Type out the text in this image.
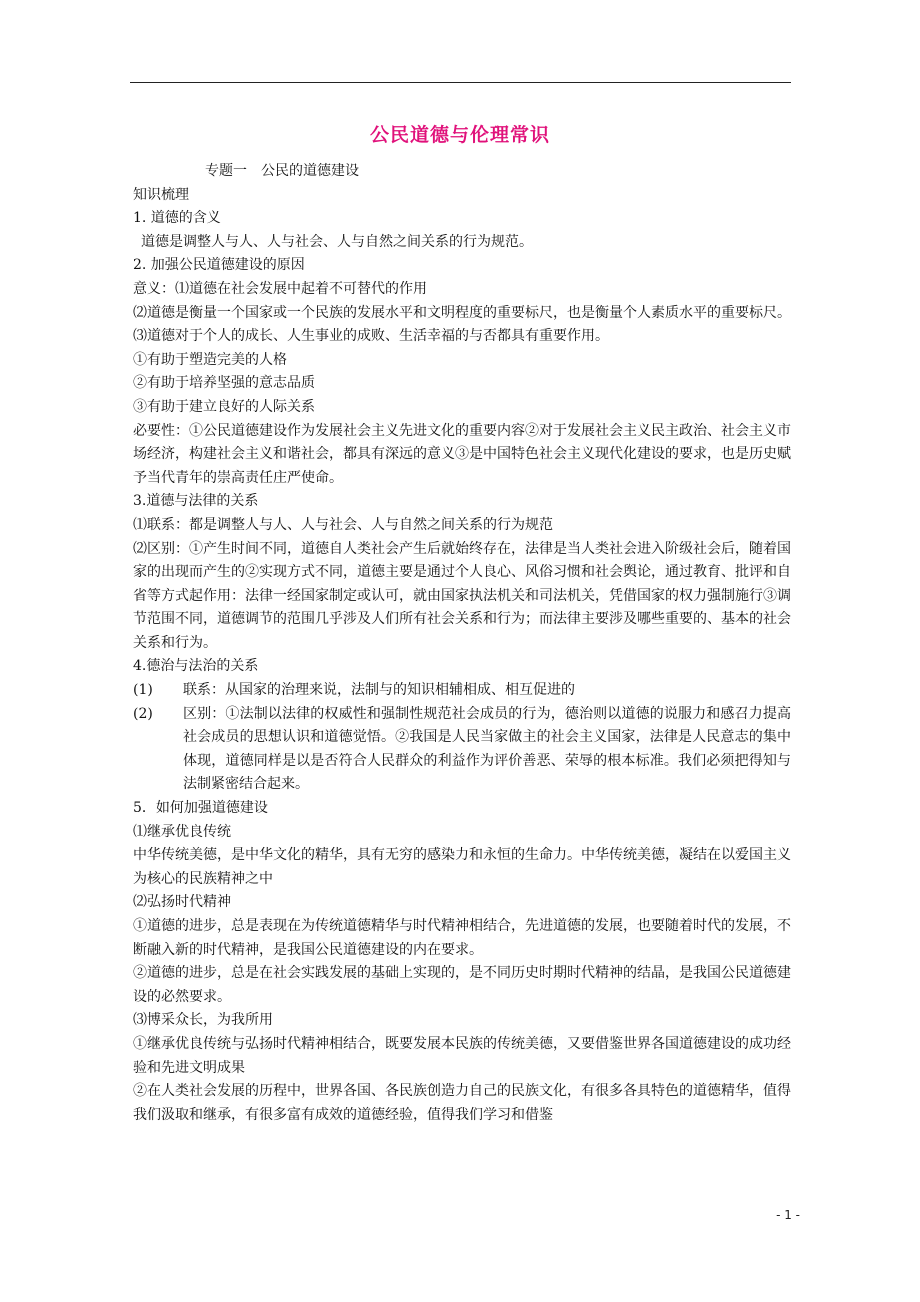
公民道德与伦理常识

专题一　公民的道德建设

知识梳理

1. 道德的含义

道德是调整人与人、人与社会、人与自然之间关系的行为规范。

2. 加强公民道德建设的原因

意义：⑴道德在社会发展中起着不可替代的作用

⑵道德是衡量一个国家或一个民族的发展水平和文明程度的重要标尺，也是衡量个人素质水平的重要标尺。

⑶道德对于个人的成长、人生事业的成败、生活幸福的与否都具有重要作用。

①有助于塑造完美的人格

②有助于培养坚强的意志品质

③有助于建立良好的人际关系

必要性：①公民道德建设作为发展社会主义先进文化的重要内容②对于发展社会主义民主政治、社会主义市场经济，构建社会主义和谐社会，都具有深远的意义③是中国特色社会主义现代化建设的要求，也是历史赋予当代青年的崇高责任庄严使命。

3.道德与法律的关系

⑴联系：都是调整人与人、人与社会、人与自然之间关系的行为规范

⑵区别：①产生时间不同，道德自人类社会产生后就始终存在，法律是当人类社会进入阶级社会后，随着国家的出现而产生的②实现方式不同，道德主要是通过个人良心、风俗习惯和社会舆论，通过教育、批评和自省等方式起作用：法律一经国家制定或认可，就由国家执法机关和司法机关，凭借国家的权力强制施行③调节范围不同，道德调节的范围几乎涉及人们所有社会关系和行为；而法律主要涉及哪些重要的、基本的社会关系和行为。

4.德治与法治的关系

(1)	联系：从国家的治理来说，法制与的知识相辅相成、相互促进的
(2)	区别：①法制以法律的权威性和强制性规范社会成员的行为，德治则以道德的说服力和感召力提高社会成员的思想认识和道德觉悟。②我国是人民当家做主的社会主义国家，法律是人民意志的集中体现，道德同样是以是否符合人民群众的利益作为评价善恶、荣辱的根本标准。我们必须把得知与法制紧密结合起来。

5．如何加强道德建设

⑴继承优良传统

中华传统美德，是中华文化的精华，具有无穷的感染力和永恒的生命力。中华传统美德，凝结在以爱国主义为核心的民族精神之中

⑵弘扬时代精神

①道德的进步，总是表现在为传统道德精华与时代精神相结合，先进道德的发展，也要随着时代的发展，不断融入新的时代精神，是我国公民道德建设的内在要求。

②道德的进步，总是在社会实践发展的基础上实现的，是不同历史时期时代精神的结晶，是我国公民道德建设的必然要求。

⑶博采众长，为我所用

①继承优良传统与弘扬时代精神相结合，既要发展本民族的传统美德，又要借鉴世界各国道德建设的成功经验和先进文明成果

②在人类社会发展的历程中，世界各国、各民族创造力自己的民族文化，有很多各具特色的道德精华，值得我们汲取和继承，有很多富有成效的道德经验，值得我们学习和借鉴

- 1 -
